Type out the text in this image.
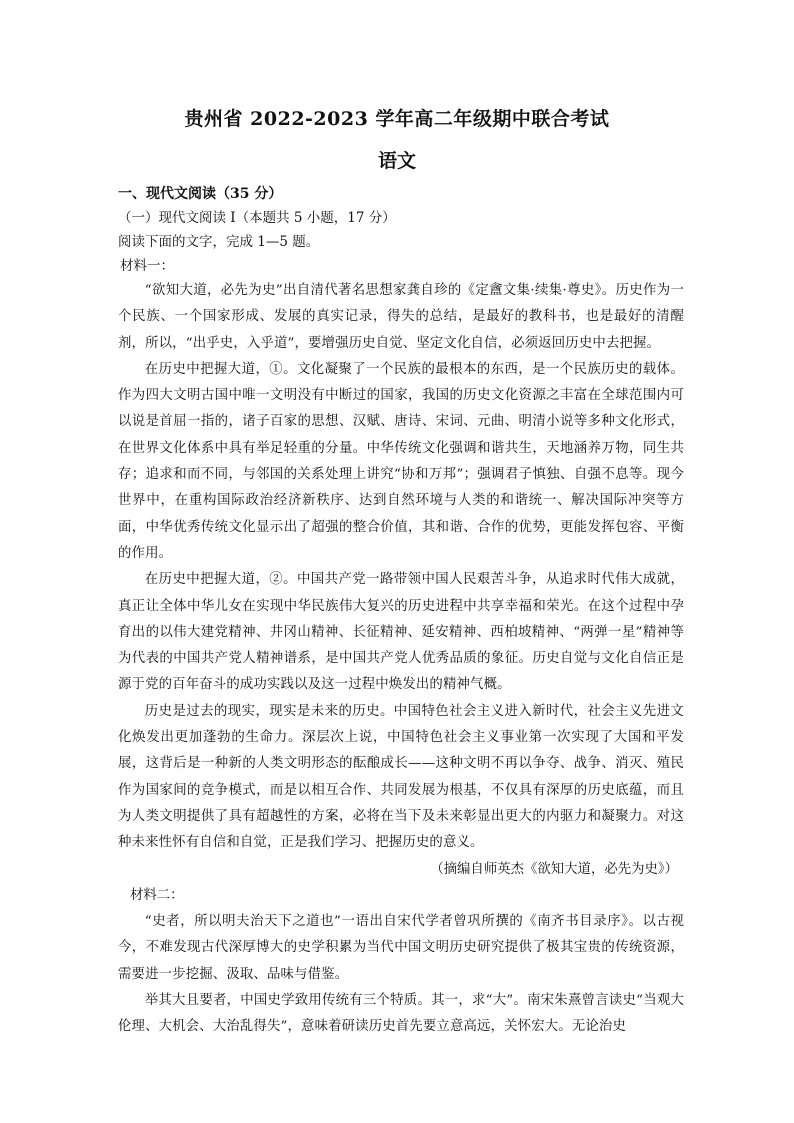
贵州省 2022-2023 学年高二年级期中联合考试
语文
一、现代文阅读（35 分）
（一）现代文阅读 I（本题共 5 小题，17 分）
阅读下面的文字，完成 1—5 题。
材料一：
“欲知大道，必先为史”出自清代著名思想家龚自珍的《定盦文集·续集·尊史》。历史作为一个民族、一个国家形成、发展的真实记录，得失的总结，是最好的教科书，也是最好的清醒剂，所以，“出乎史，入乎道”，要增强历史自觉、坚定文化自信，必须返回历史中去把握。
在历史中把握大道，①。文化凝聚了一个民族的最根本的东西，是一个民族历史的载体。作为四大文明古国中唯一文明没有中断过的国家，我国的历史文化资源之丰富在全球范围内可以说是首屈一指的，诸子百家的思想、汉赋、唐诗、宋词、元曲、明清小说等多种文化形式，在世界文化体系中具有举足轻重的分量。中华传统文化强调和谐共生，天地涵养万物，同生共存；追求和而不同，与邻国的关系处理上讲究“协和万邦”；强调君子慎独、自强不息等。现今世界中，在重构国际政治经济新秩序、达到自然环境与人类的和谐统一、解决国际冲突等方面，中华优秀传统文化显示出了超强的整合价值，其和谐、合作的优势，更能发挥包容、平衡的作用。
在历史中把握大道，②。中国共产党一路带领中国人民艰苦斗争，从追求时代伟大成就，真正让全体中华儿女在实现中华民族伟大复兴的历史进程中共享幸福和荣光。在这个过程中孕育出的以伟大建党精神、井冈山精神、长征精神、延安精神、西柏坡精神、“两弹一星”精神等为代表的中国共产党人精神谱系，是中国共产党人优秀品质的象征。历史自觉与文化自信正是源于党的百年奋斗的成功实践以及这一过程中焕发出的精神气概。
历史是过去的现实，现实是未来的历史。中国特色社会主义进入新时代，社会主义先进文化焕发出更加蓬勃的生命力。深层次上说，中国特色社会主义事业第一次实现了大国和平发展，这背后是一种新的人类文明形态的酝酿成长——这种文明不再以争夺、战争、消灭、殖民作为国家间的竞争模式，而是以相互合作、共同发展为根基，不仅具有深厚的历史底蕴，而且为人类文明提供了具有超越性的方案，必将在当下及未来彰显出更大的内驱力和凝聚力。对这种未来性怀有自信和自觉，正是我们学习、把握历史的意义。
（摘编自师英杰《欲知大道，必先为史》）
材料二：
“史者，所以明夫治天下之道也”一语出自宋代学者曾巩所撰的《南齐书目录序》。以古视今，不难发现古代深厚博大的史学积累为当代中国文明历史研究提供了极其宝贵的传统资源，需要进一步挖掘、汲取、品味与借鉴。
举其大且要者，中国史学致用传统有三个特质。其一，求“大”。南宋朱熹曾言读史“当观大伦理、大机会、大治乱得失”，意味着研读历史首先要立意高远，关怀宏大。无论治史
